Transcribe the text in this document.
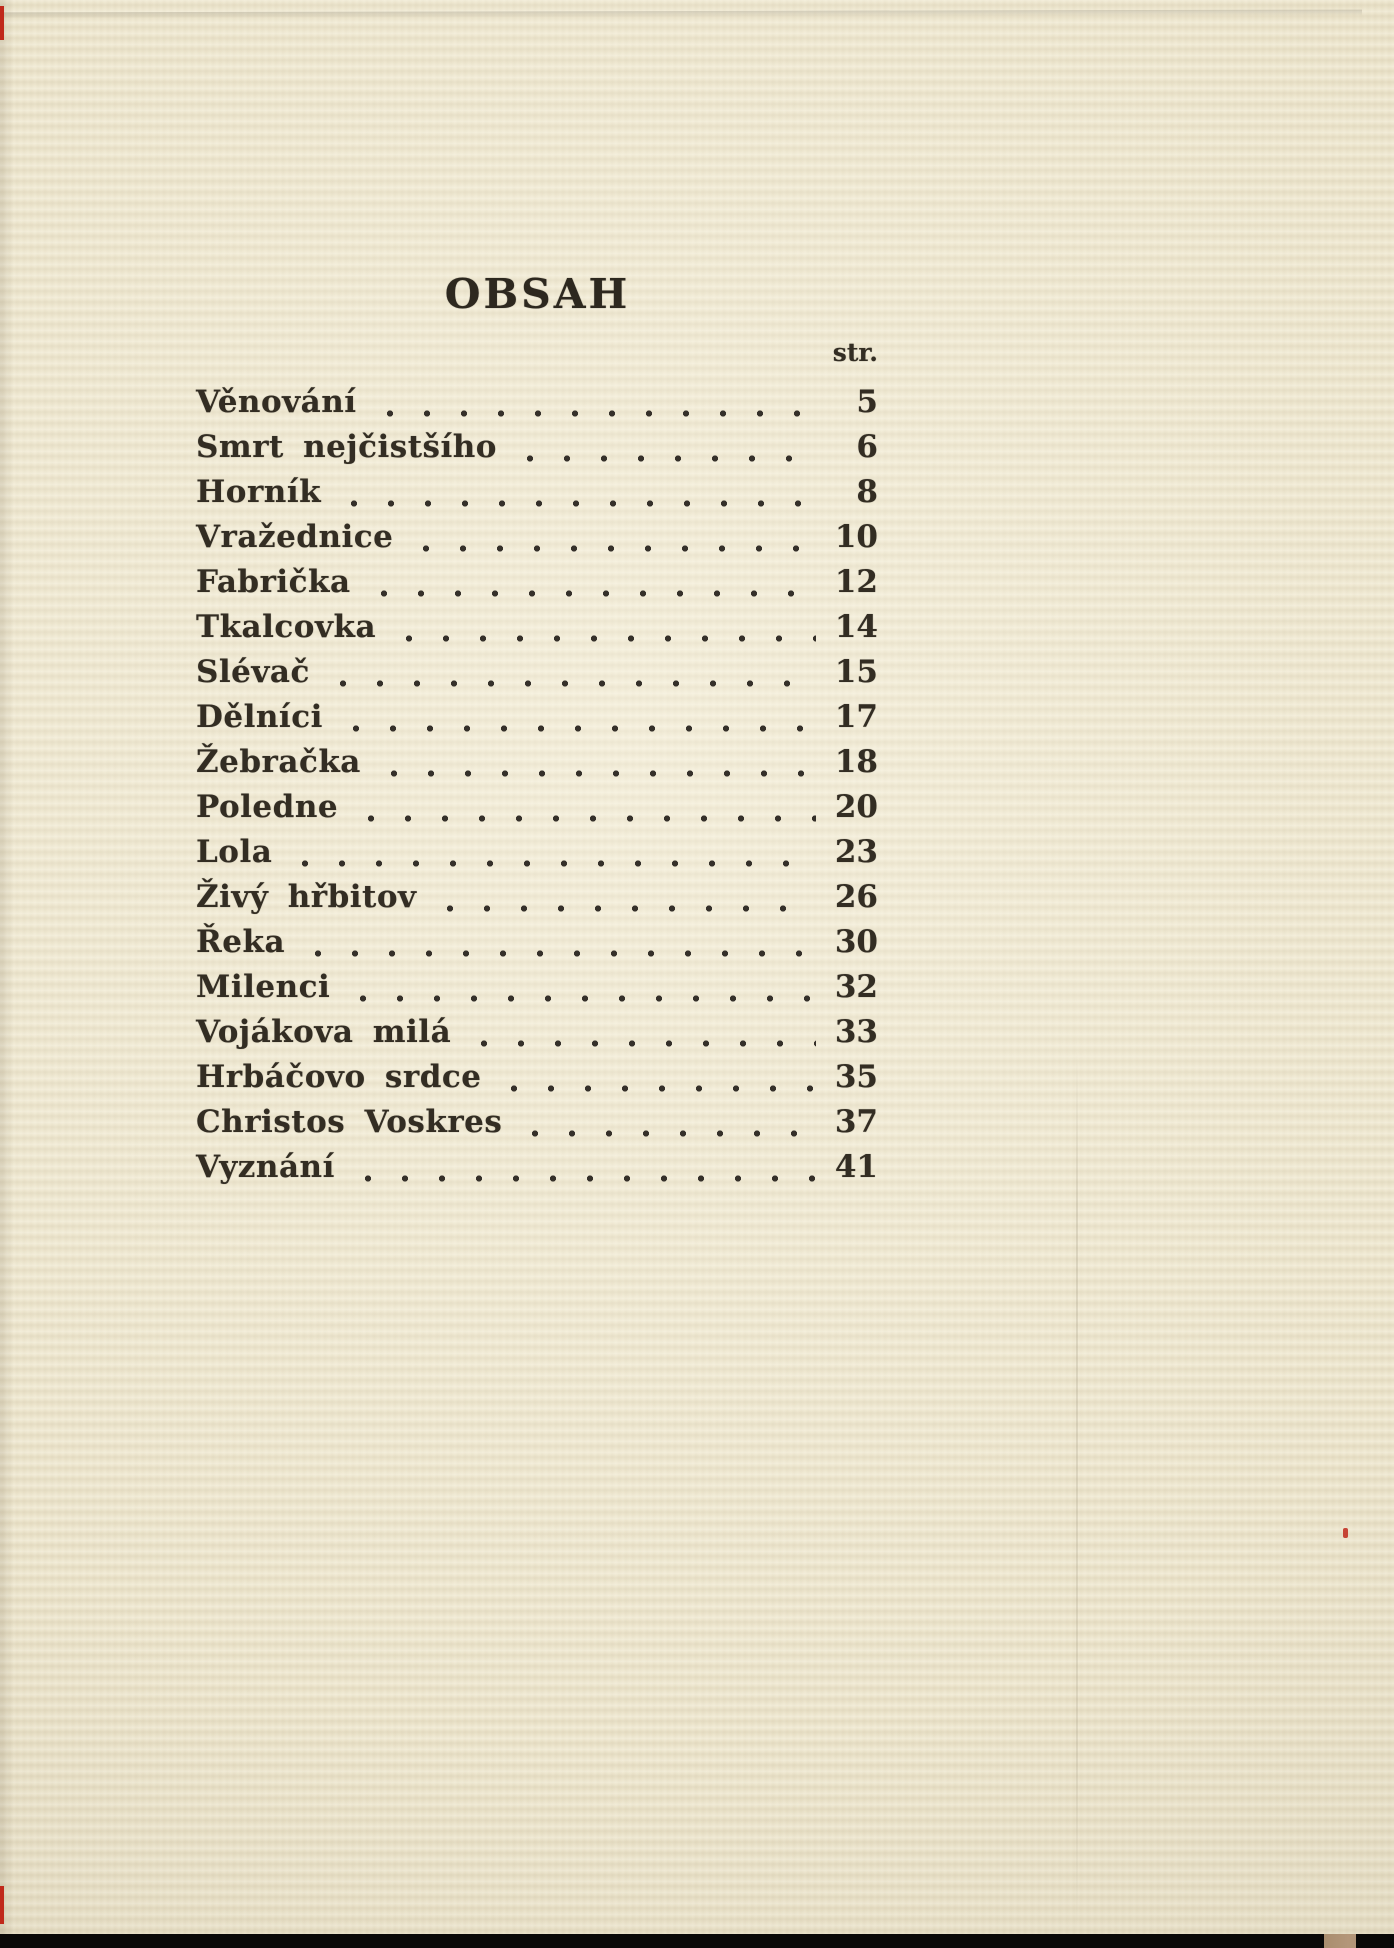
OBSAH
str.
Věnování	5
Smrt nejčistšího	6
Horník	8
Vražednice	10
Fabrička	12
Tkalcovka	14
Slévač	15
Dělníci	17
Žebračka	18
Poledne	20
Lola	23
Živý hřbitov	26
Řeka	30
Milenci	32
Vojákova milá	33
Hrbáčovo srdce	35
Christos Voskres	37
Vyznání	41
